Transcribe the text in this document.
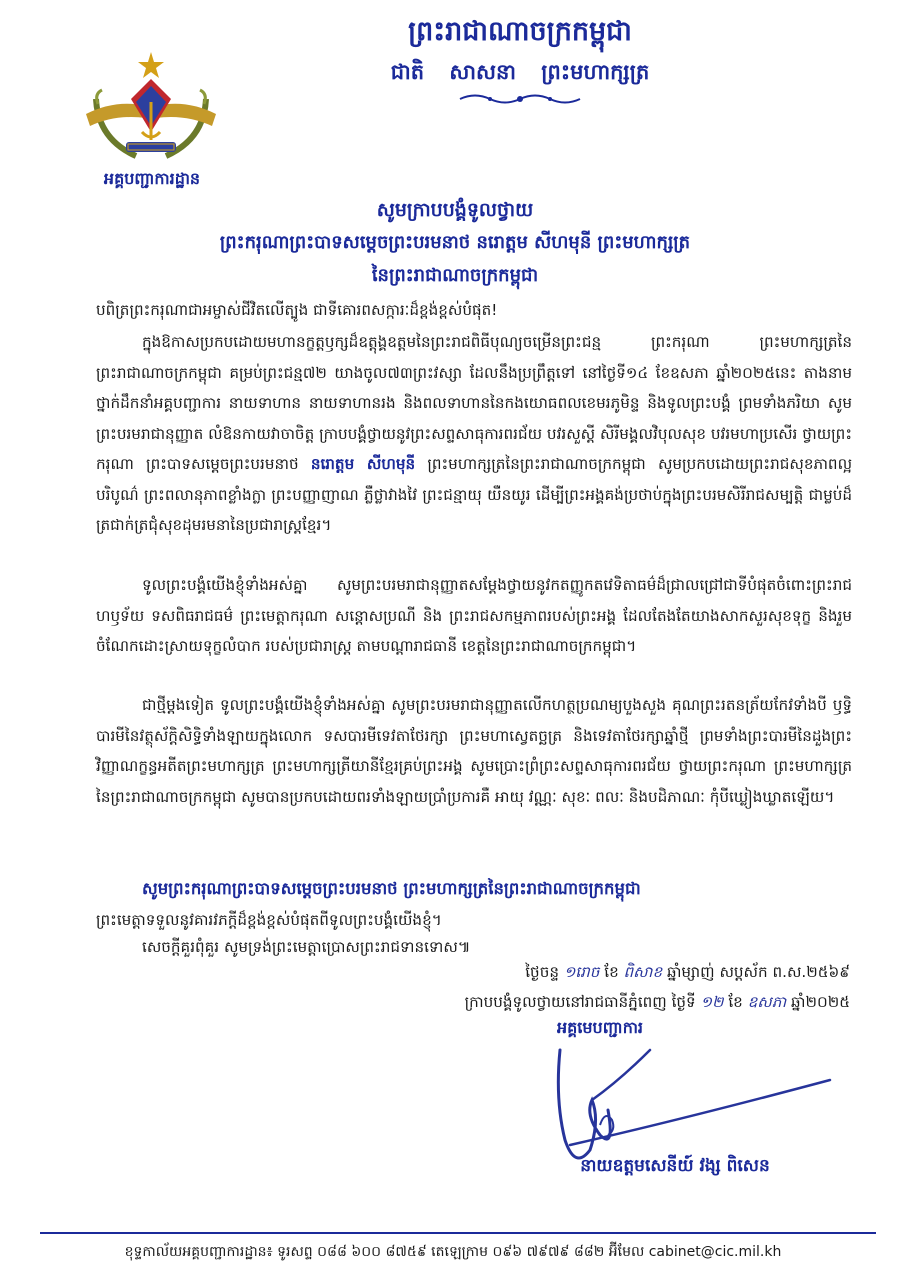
អគ្គបញ្ជាការដ្ឋាន
ព្រះរាជាណាចក្រកម្ពុជា
ជាតិ សាសនា ព្រះមហាក្សត្រ
សូមក្រាបបង្គំទូលថ្វាយ
ព្រះករុណាព្រះបាទសម្តេចព្រះបរមនាថ នរោត្តម សីហមុនី ព្រះមហាក្សត្រ
នៃព្រះរាជាណាចក្រកម្ពុជា
បពិត្រព្រះករុណាជាអម្ចាស់ជីវិតលើត្បូង ជាទីគោរពសក្ការៈដ៏ខ្ពង់ខ្ពស់បំផុត!
ក្នុងឱកាសប្រកបដោយមហានក្ខត្តឫក្សដ៏ឧត្តុង្គឧត្តមនៃព្រះរាជពិធីបុណ្យចម្រើនព្រះជន្ម ព្រះករុណា ព្រះមហាក្សត្រនៃព្រះរាជាណាចក្រកម្ពុជា គម្រប់ព្រះជន្ម៧២ យាងចូល៧៣ព្រះវស្សា ដែលនឹងប្រព្រឹត្តទៅ នៅថ្ងៃទី១៤ ខែឧសភា ឆ្នាំ២០២៥នេះ តាងនាមថ្នាក់ដឹកនាំអគ្គបញ្ជាការ នាយទាហាន នាយទាហានរង និងពលទាហាននៃកងយោធពលខេមរភូមិន្ទ និងទូលព្រះបង្គំ ព្រមទាំងភរិយា សូមព្រះបរមរាជានុញ្ញាត លំឱនកាយវាចាចិត្ត ក្រាបបង្គំថ្វាយនូវព្រះសព្ទសាធុការពរជ័យ បវរសួស្តី សិរីមង្គលវិបុលសុខ បវរមហាប្រសើរ ថ្វាយព្រះករុណា ព្រះបាទសម្តេចព្រះបរមនាថ នរោត្តម សីហមុនី ព្រះមហាក្សត្រនៃព្រះរាជាណាចក្រកម្ពុជា សូមប្រកបដោយព្រះរាជសុខភាពល្អបរិបូណ៌ ព្រះពលានុភាពខ្លាំងក្លា ព្រះបញ្ញាញាណ ភ្លឺថ្លាវាងវៃ ព្រះជន្មាយុ យឺនយូរ ដើម្បីព្រះអង្គគង់ប្រថាប់ក្នុងព្រះបរមសិរីរាជសម្បត្តិ ជាម្លប់ដ៏ត្រជាក់ត្រជុំសុខដុមរមនានៃប្រជារាស្ត្រខ្មែរ។
ទូលព្រះបង្គំយើងខ្ញុំទាំងអស់គ្នា សូមព្រះបរមរាជានុញ្ញាតសម្តែងថ្វាយនូវកតញ្ញូកតវេទិតាធម៌ដ៏ជ្រាលជ្រៅជាទីបំផុតចំពោះព្រះរាជហឫទ័យ ទសពិធរាជធម៌ ព្រះមេត្តាករុណា សន្តោសប្រណី និង ព្រះរាជសកម្មភាពរបស់ព្រះអង្គ ដែលតែងតែយាងសាកសួរសុខទុក្ខ និងរួមចំណែកដោះស្រាយទុក្ខលំបាក របស់ប្រជារាស្ត្រ តាមបណ្តារាជធានី ខេត្តនៃព្រះរាជាណាចក្រកម្ពុជា។
ជាថ្មីម្តងទៀត ទូលព្រះបង្គំយើងខ្ញុំទាំងអស់គ្នា សូមព្រះបរមរាជានុញ្ញាតលើកហត្ថប្រណម្យបួងសួង គុណព្រះរតនត្រ័យកែវទាំងបី ឫទ្ធិបារមីនៃវត្ថុស័ក្តិសិទ្ធិទាំងឡាយក្នុងលោក ទសបារមីទេវតាថែរក្សា ព្រះមហាស្វេតច្ឆត្រ និងទេវតាថែរក្សាឆ្នាំថ្មី ព្រមទាំងព្រះបារមីនៃដួងព្រះវិញ្ញាណក្ខន្ធអតីតព្រះមហាក្សត្រ ព្រះមហាក្សត្រីយានីខ្មែរគ្រប់ព្រះអង្គ សូមប្រោះព្រំព្រះសព្ទសាធុការពរជ័យ ថ្វាយព្រះករុណា ព្រះមហាក្សត្រ នៃព្រះរាជាណាចក្រកម្ពុជា សូមបានប្រកបដោយពរទាំងឡាយប្រាំប្រការគឺ អាយុ វណ្ណៈ សុខៈ ពលៈ និងបដិភាណៈ កុំបីឃ្លៀងឃ្លាតឡើយ។
សូមព្រះករុណាព្រះបាទសម្តេចព្រះបរមនាថ ព្រះមហាក្សត្រនៃព្រះរាជាណាចក្រកម្ពុជា
ព្រះមេត្តាទទួលនូវគារវភក្តីដ៏ខ្ពង់ខ្ពស់បំផុតពីទូលព្រះបង្គំយើងខ្ញុំ។
សេចក្តីគួរពុំគួរ សូមទ្រង់ព្រះមេត្តាប្រោសព្រះរាជទានទោស៕
ថ្ងៃចន្ទ ១រោច ខែ ពិសាខ ឆ្នាំម្សាញ់ សប្តស័ក ព.ស.២៥៦៩
ក្រាបបង្គំទូលថ្វាយនៅរាជធានីភ្នំពេញ ថ្ងៃទី ១២ ខែ ឧសភា ឆ្នាំ២០២៥
អគ្គមេបញ្ជាការ
នាយឧត្តមសេនីយ៍ វង្ស ពិសេន
ខុទ្ទកាល័យអគ្គបញ្ជាការដ្ឋាន៖ ទូរសព្ទ ០៨៨ ៦០០ ៨៧៥៩ តេឡេក្រាម ០៩៦ ៧៩៧៩ ៨៨២ អ៊ីមែល cabinet@cic.mil.kh
